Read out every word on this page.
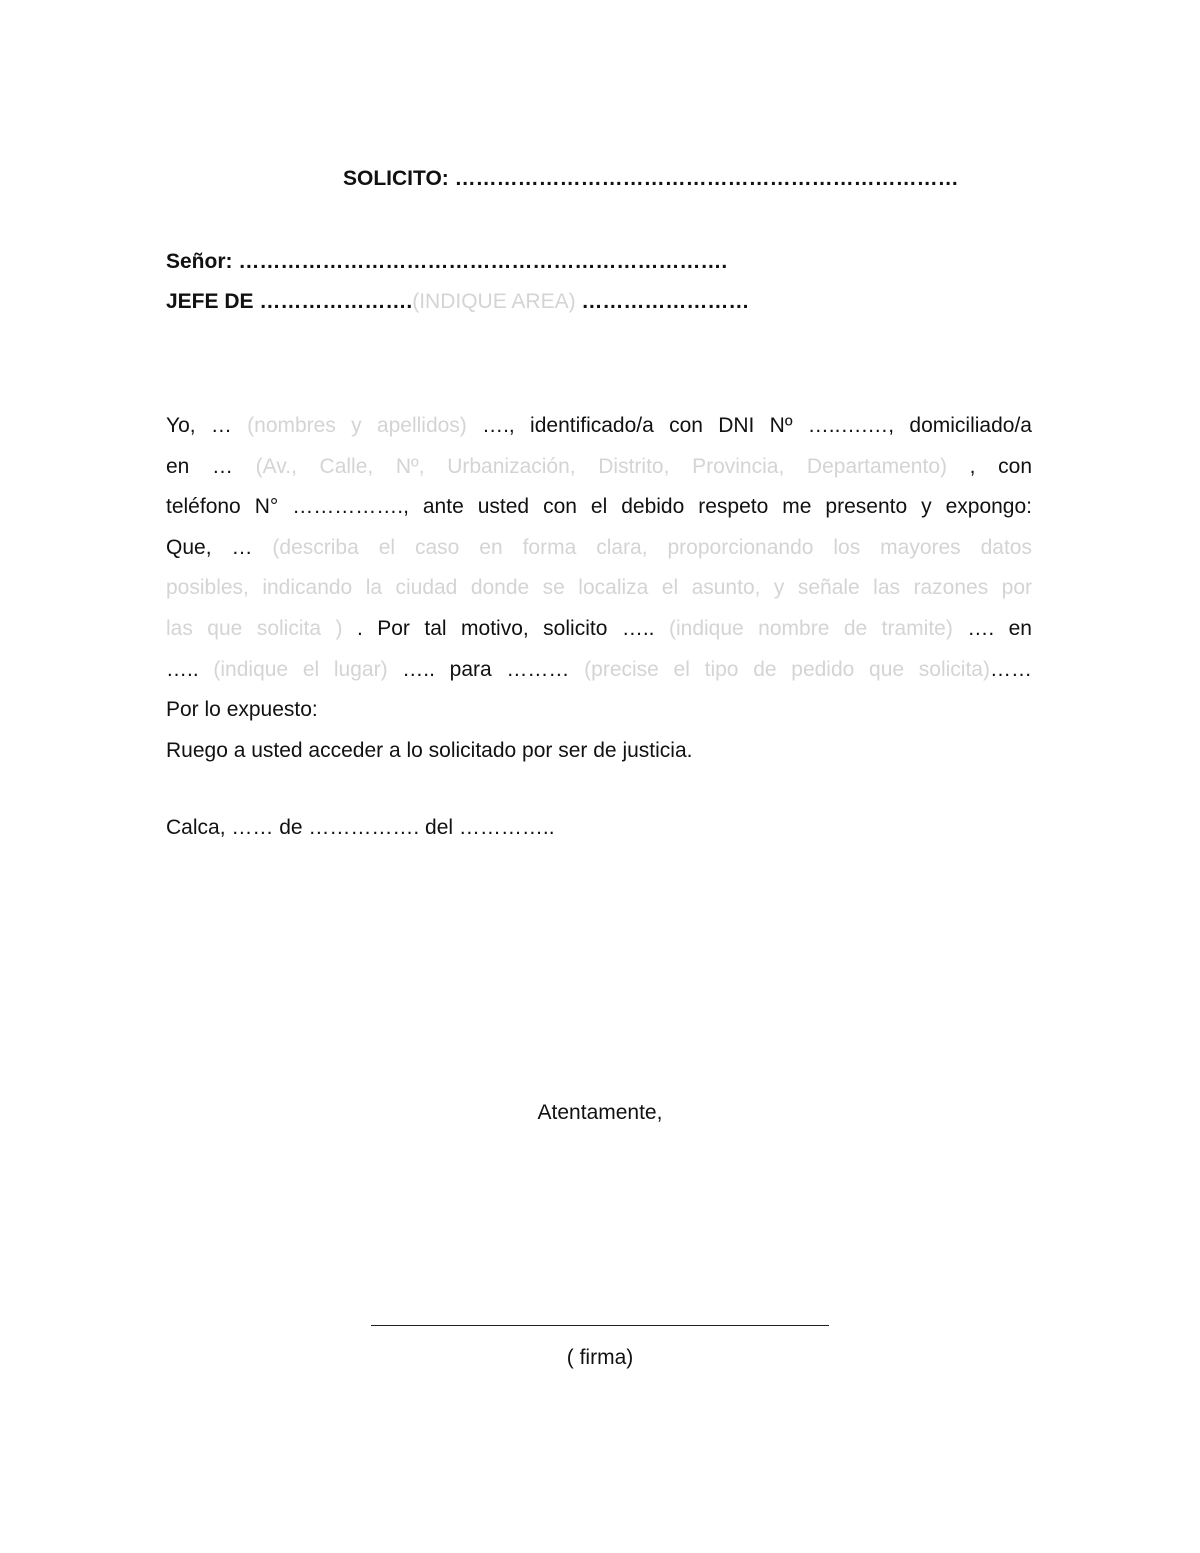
SOLICITO: ………………………………………………………………
Señor: …………………………………………………………….
JEFE DE ………………….(INDIQUE AREA) ……………………
Yo, … (nombres y apellidos) …., identificado/a con DNI Nº …..….…, domiciliado/a
en … (Av., Calle, Nº, Urbanización, Distrito, Provincia, Departamento) , con
teléfono N° ……………., ante usted con el debido respeto me presento y expongo:
Que, … (describa el caso en forma clara, proporcionando los mayores datos
posibles, indicando la ciudad donde se localiza el asunto, y señale las razones por
las que solicita ) . Por tal motivo, solicito ….. (indique nombre de tramite) …. en
….. (indique el lugar) ….. para ……… (precise el tipo de pedido que solicita)……
Por lo expuesto:
Ruego a usted acceder a lo solicitado por ser de justicia.
Calca, …… de ……………. del …………..
Atentamente,
( firma)
